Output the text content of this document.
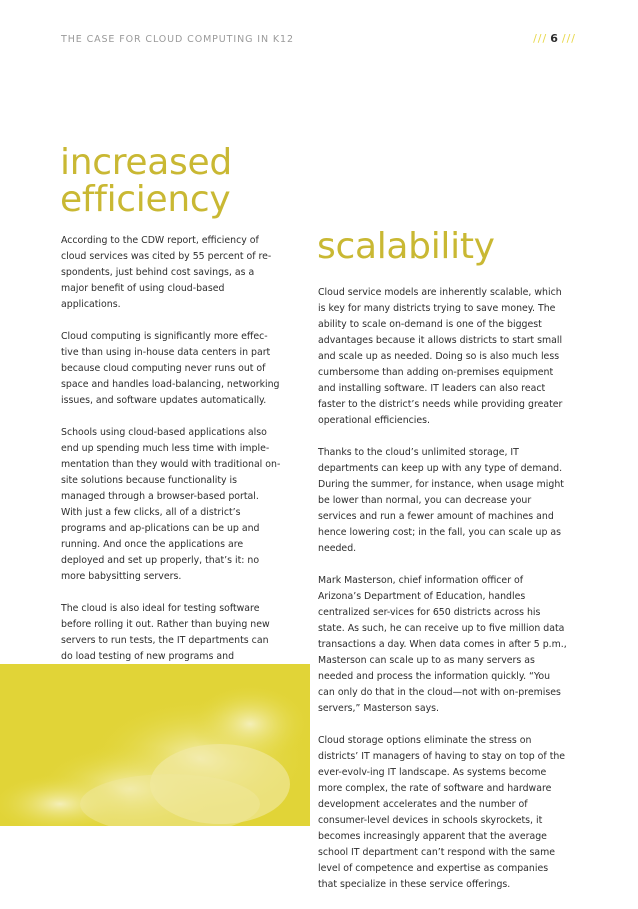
THE CASE FOR CLOUD COMPUTING IN K12	/// 6 ///
increased
efficiency

According to the CDW report, efficiency of cloud services was cited by 55 percent of re-spondents, just behind cost savings, as a major benefit of using cloud-based applications.

Cloud computing is significantly more effec-tive than using in-house data centers in part because cloud computing never runs out of space and handles load-balancing, networking issues, and software updates automatically.

Schools using cloud-based applications also end up spending much less time with imple-mentation than they would with traditional on-site solutions because functionality is managed through a browser-based portal. With just a few clicks, all of a district’s programs and ap-plications can be up and running. And once the applications are deployed and set up properly, that’s it: no more babysitting servers.

The cloud is also ideal for testing software before rolling it out. Rather than buying new servers to run tests, the IT departments can do load testing of new programs and

scalability

Cloud service models are inherently scalable, which is key for many districts trying to save money. The ability to scale on-demand is one of the biggest advantages because it allows districts to start small and scale up as needed. Doing so is also much less cumbersome than adding on-premises equipment and installing software. IT leaders can also react faster to the district’s needs while providing greater operational efficiencies.

Thanks to the cloud’s unlimited storage, IT departments can keep up with any type of demand. During the summer, for instance, when usage might be lower than normal, you can decrease your services and run a fewer amount of machines and hence lowering cost; in the fall, you can scale up as needed.

Mark Masterson, chief information officer of Arizona’s Department of Education, handles centralized ser-vices for 650 districts across his state. As such, he can receive up to five million data transactions a day. When data comes in after 5 p.m., Masterson can scale up to as many servers as needed and process the information quickly. “You can only do that in the cloud—not with on-premises servers,” Masterson says.

Cloud storage options eliminate the stress on districts’ IT managers of having to stay on top of the ever-evolv-ing IT landscape. As systems become more complex, the rate of software and hardware development accelerates and the number of consumer-level devices in schools skyrockets, it becomes increasingly apparent that the average school IT department can’t respond with the same level of competence and expertise as companies that specialize in these service offerings.
